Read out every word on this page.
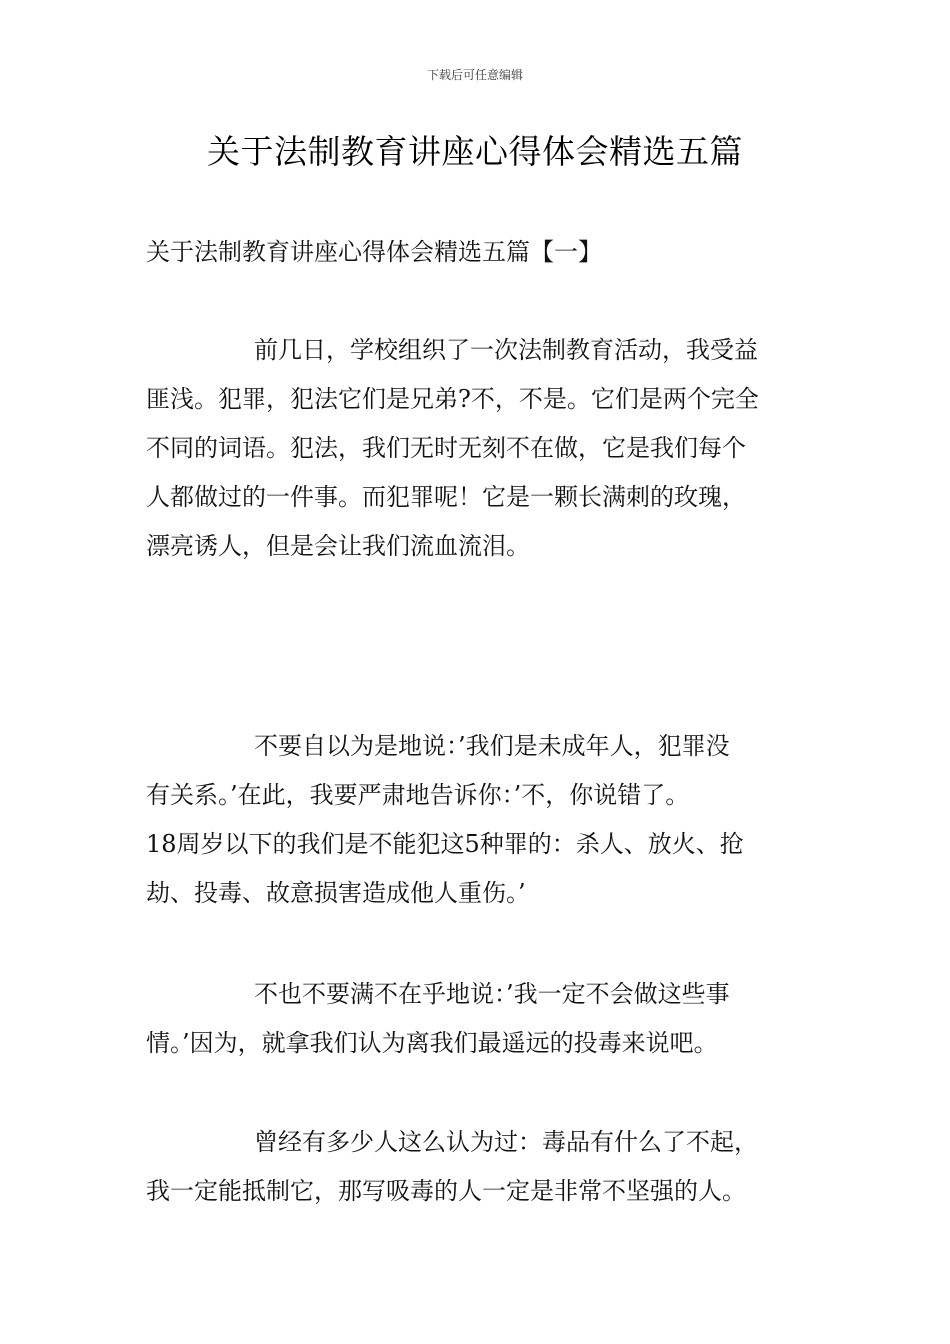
下载后可任意编辑
关于法制教育讲座心得体会精选五篇
关于法制教育讲座心得体会精选五篇【一】

前几日，学校组织了一次法制教育活动，我受益
匪浅。犯罪，犯法它们是兄弟?不，不是。它们是两个完全
不同的词语。犯法，我们无时无刻不在做，它是我们每个
人都做过的一件事。而犯罪呢！它是一颗长满刺的玫瑰，
漂亮诱人，但是会让我们流血流泪。

不要自以为是地说：’我们是未成年人，犯罪没
有关系。’在此，我要严肃地告诉你：’不，你说错了。
18周岁以下的我们是不能犯这5种罪的：杀人、放火、抢
劫、投毒、故意损害造成他人重伤。’

不也不要满不在乎地说：’我一定不会做这些事
情。’因为，就拿我们认为离我们最遥远的投毒来说吧。

曾经有多少人这么认为过：毒品有什么了不起，
我一定能抵制它，那写吸毒的人一定是非常不坚强的人。
